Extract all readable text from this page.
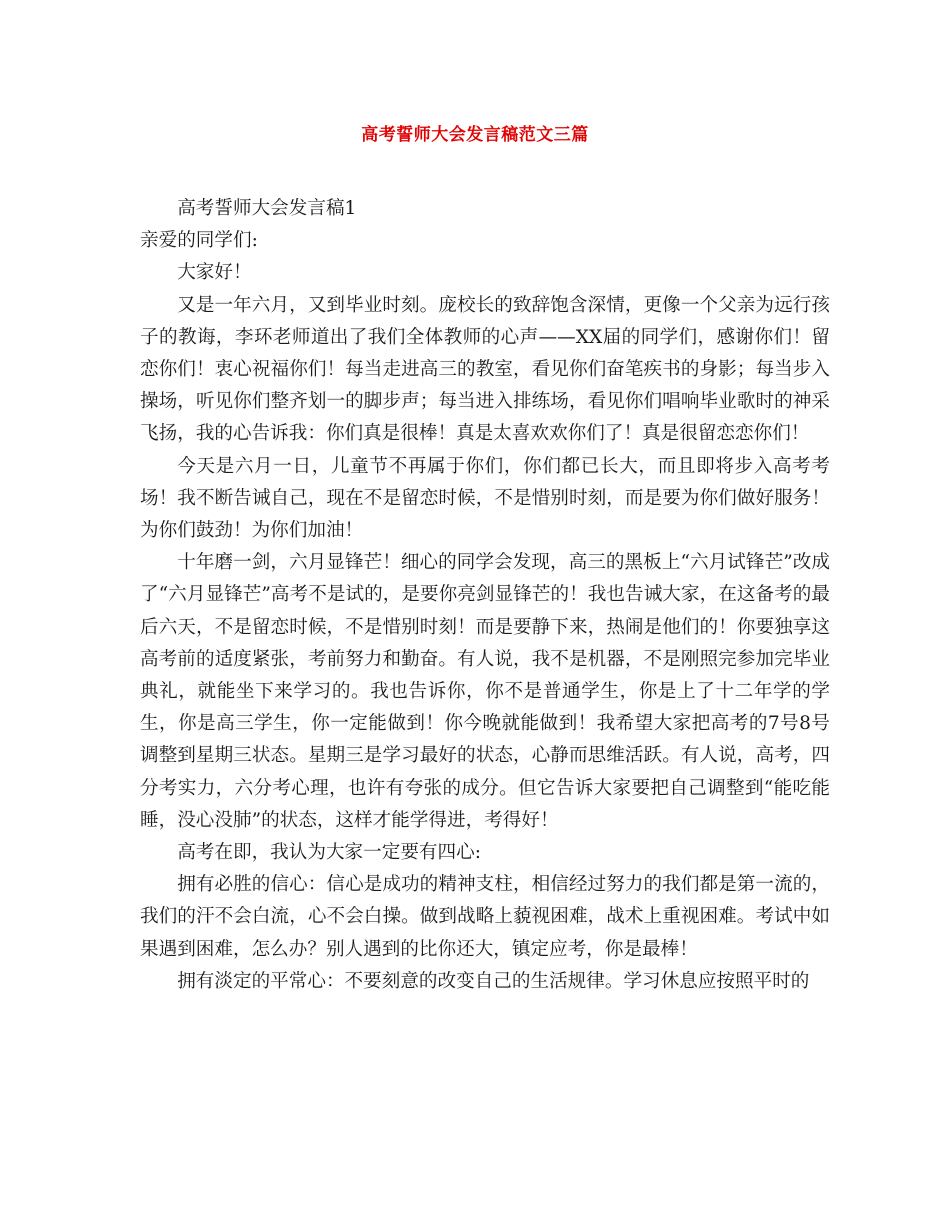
高考誓师大会发言稿范文三篇

高考誓师大会发言稿1

亲爱的同学们:

大家好！

又是一年六月，又到毕业时刻。庞校长的致辞饱含深情，更像一个父亲为远行孩子的教诲，李环老师道出了我们全体教师的心声——XX届的同学们，感谢你们！留恋你们！衷心祝福你们！每当走进高三的教室，看见你们奋笔疾书的身影；每当步入操场，听见你们整齐划一的脚步声；每当进入排练场，看见你们唱响毕业歌时的神采飞扬，我的心告诉我：你们真是很棒！真是太喜欢欢你们了！真是很留恋恋你们！

今天是六月一日，儿童节不再属于你们，你们都已长大，而且即将步入高考考场！我不断告诫自己，现在不是留恋时候，不是惜别时刻，而是要为你们做好服务！为你们鼓劲！为你们加油！

十年磨一剑，六月显锋芒！细心的同学会发现，高三的黑板上“六月试锋芒”改成了“六月显锋芒”高考不是试的，是要你亮剑显锋芒的！我也告诫大家，在这备考的最后六天，不是留恋时候，不是惜别时刻！而是要静下来，热闹是他们的！你要独享这高考前的适度紧张，考前努力和勤奋。有人说，我不是机器，不是刚照完参加完毕业典礼，就能坐下来学习的。我也告诉你，你不是普通学生，你是上了十二年学的学生，你是高三学生，你一定能做到！你今晚就能做到！我希望大家把高考的7号8号调整到星期三状态。星期三是学习最好的状态，心静而思维活跃。有人说，高考，四分考实力，六分考心理，也许有夸张的成分。但它告诉大家要把自己调整到“能吃能睡，没心没肺”的状态，这样才能学得进，考得好！

高考在即，我认为大家一定要有四心:

拥有必胜的信心：信心是成功的精神支柱，相信经过努力的我们都是第一流的，我们的汗不会白流，心不会白操。做到战略上藐视困难，战术上重视困难。考试中如果遇到困难，怎么办？别人遇到的比你还大，镇定应考，你是最棒！

拥有淡定的平常心：不要刻意的改变自己的生活规律。学习休息应按照平时的
